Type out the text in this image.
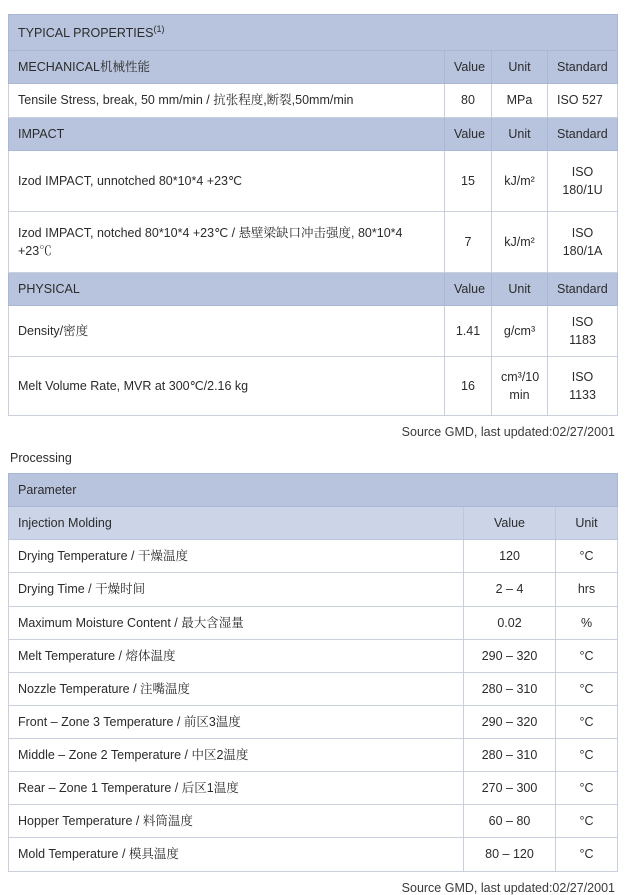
TYPICAL PROPERTIES$^{(1)}$
MECHANICAL机械性能	Value	Unit	Standard
Tensile Stress, break, 50 mm/min / 抗张程度,断裂,50mm/min	80	MPa	ISO 527
IMPACT	Value	Unit	Standard
Izod IMPACT, unnotched 80*10*4 +23℃	15	kJ/m²	ISO 180/1U
Izod IMPACT, notched 80*10*4 +23℃ / 悬壁梁缺口冲击强度, 80*10*4 +23℃	7	kJ/m²	ISO 180/1A
PHYSICAL	Value	Unit	Standard
Density/密度	1.41	g/cm³	ISO 1183
Melt Volume Rate, MVR at 300℃/2.16 kg	16	cm³/10 min	ISO 1133
Source GMD, last updated:02/27/2001
Processing
Parameter		
Injection Molding	Value	Unit
Drying Temperature / 干燥温度	120	°C
Drying Time / 干燥时间	2 – 4	hrs
Maximum Moisture Content / 最大含湿量	0.02	%
Melt Temperature / 熔体温度	290 – 320	°C
Nozzle Temperature / 注嘴温度	280 – 310	°C
Front – Zone 3 Temperature / 前区3温度	290 – 320	°C
Middle – Zone 2 Temperature / 中区2温度	280 – 310	°C
Rear – Zone 1 Temperature / 后区1温度	270 – 300	°C
Hopper Temperature / 料筒温度	60 – 80	°C
Mold Temperature / 模具温度	80 – 120	°C
Source GMD, last updated:02/27/2001
